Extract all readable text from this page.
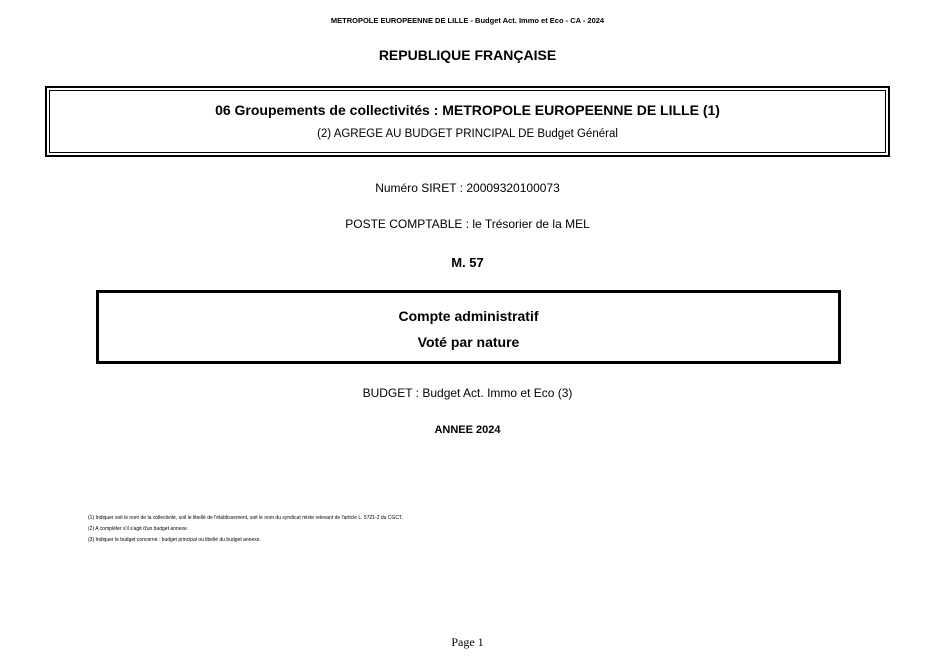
METROPOLE EUROPEENNE DE LILLE - Budget Act. Immo et Eco - CA - 2024
REPUBLIQUE FRANÇAISE
06 Groupements de collectivités : METROPOLE EUROPEENNE DE LILLE (1)
(2) AGREGE AU BUDGET PRINCIPAL DE Budget Général
Numéro SIRET : 20009320100073
POSTE COMPTABLE : le Trésorier de la MEL
M. 57
Compte administratif
Voté par nature
BUDGET : Budget Act. Immo et Eco (3)
ANNEE 2024
(1) Indiquer soit le nom de la collectivité, soit le libellé de l'établissement, soit le nom du syndicat mixte relevant de l'article L. 5721-2 du CGCT.
(2) A compléter s'il s'agit d'un budget annexe.
(3) Indiquer le budget concerné : budget principal ou libellé du budget annexe.
Page 1
